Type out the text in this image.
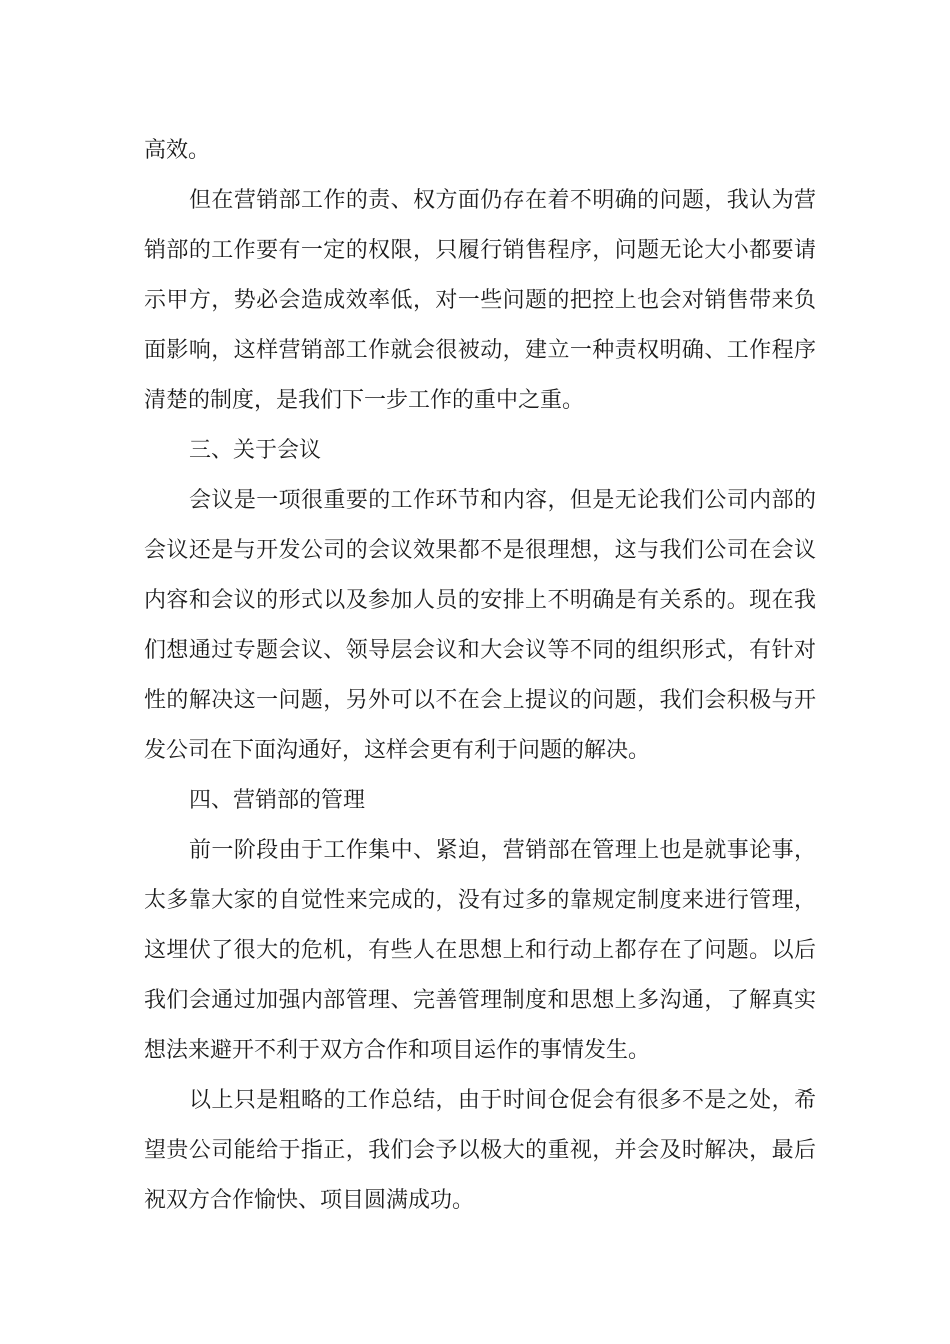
高效。

但在营销部工作的责、权方面仍存在着不明确的问题，我认为营销部的工作要有一定的权限，只履行销售程序，问题无论大小都要请示甲方，势必会造成效率低，对一些问题的把控上也会对销售带来负面影响，这样营销部工作就会很被动，建立一种责权明确、工作程序清楚的制度，是我们下一步工作的重中之重。

三、关于会议

会议是一项很重要的工作环节和内容，但是无论我们公司内部的会议还是与开发公司的会议效果都不是很理想，这与我们公司在会议内容和会议的形式以及参加人员的安排上不明确是有关系的。现在我们想通过专题会议、领导层会议和大会议等不同的组织形式，有针对性的解决这一问题，另外可以不在会上提议的问题，我们会积极与开发公司在下面沟通好，这样会更有利于问题的解决。

四、营销部的管理

前一阶段由于工作集中、紧迫，营销部在管理上也是就事论事，太多靠大家的自觉性来完成的，没有过多的靠规定制度来进行管理，这埋伏了很大的危机，有些人在思想上和行动上都存在了问题。以后我们会通过加强内部管理、完善管理制度和思想上多沟通，了解真实想法来避开不利于双方合作和项目运作的事情发生。

以上只是粗略的工作总结，由于时间仓促会有很多不是之处，希望贵公司能给于指正，我们会予以极大的重视，并会及时解决，最后祝双方合作愉快、项目圆满成功。
